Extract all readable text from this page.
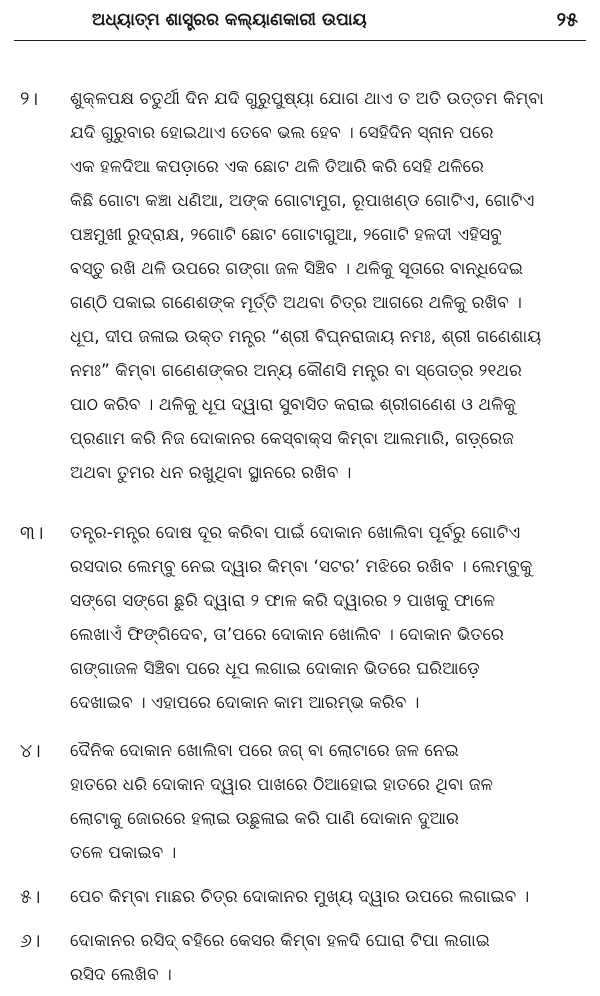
ଅଧ୍ୟାତ୍ମ ଶାସ୍ତ୍ରର କଲ୍ୟାଣକାରୀ ଉପାୟ	୨୫
୨।	ଶୁକ୍ଳପକ୍ଷ ଚତୁର୍ଥୀ ଦିନ ଯଦି ଗୁରୁପୁଷ୍ୟା ଯୋଗ ଥାଏ ତ ଅତି ଉତ୍ତମ କିମ୍ବା
ଯଦି ଗୁରୁବାର ହୋଇଥାଏ ତେବେ ଭଲ ହେବ । ସେହିଦିନ ସ୍ନାନ ପରେ
ଏକ ହଳଦିଆ କପଡ଼ାରେ ଏକ ଛୋଟ ଥଳି ତିଆରି କରି ସେହି ଥଳିରେ
କିଛି ଗୋଟା କଞ୍ଚା ଧଣିଆ, ଅଙ୍କ ଗୋଟାମୁଗ, ରୂପାଖଣ୍ଡ ଗୋଟିଏ, ଗୋଟିଏ
ପଞ୍ଚମୁଖୀ ରୁଦ୍ରାକ୍ଷ, ୨ଗୋଟି ଛୋଟ ଗୋଟାଗୁଆ, ୨ଗୋଟି ହଳଦୀ ଏହିସବୁ
ବସ୍ତୁ ରଖି ଥଳି ଉପରେ ଗଙ୍ଗା ଜଳ ସିଞ୍ଚିବ । ଥଳିକୁ ସୂତାରେ ବାନ୍ଧିଦେଇ
ଗଣ୍ଠି ପକାଇ ଗଣେଶଙ୍କ ମୂର୍ତ୍ତି ଅଥବା ଚିତ୍ର ଆଗରେ ଥଳିକୁ ରଖିବ ।
ଧୂପ, ଦୀପ ଜଳାଇ ଉକ୍ତ ମନ୍ତ୍ର “ଶ୍ରୀ ବିଘ୍ନରାଜାୟ ନମଃ, ଶ୍ରୀ ଗଣେଶାୟ
ନମଃ” କିମ୍ବା ଗଣେଶଙ୍କର ଅନ୍ୟ କୌଣସି ମନ୍ତ୍ର ବା ସ୍ତୋତ୍ର ୨୧ଥର
ପାଠ କରିବ । ଥଳିକୁ ଧୂପ ଦ୍ୱାରା ସୁବାସିତ କରାଇ ଶ୍ରୀଗଣେଶ ଓ ଥଳିକୁ
ପ୍ରଣାମ କରି ନିଜ ଦୋକାନର କେସ୍‌ବାକ୍ସ କିମ୍ବା ଆଲମାରି, ଗଡ଼୍‌ରେଜ
ଅଥବା ତୁମର ଧନ ରଖୁଥିବା ସ୍ଥାନରେ ରଖିବ ।
୩।	ତନ୍ତ୍ର-ମନ୍ତ୍ର ଦୋଷ ଦୂର କରିବା ପାଇଁ ଦୋକାନ ଖୋଲିବା ପୂର୍ବରୁ ଗୋଟିଏ
ରସଦାର ଲେମ୍ବୁ ନେଇ ଦ୍ୱାର କିମ୍ବା ‘ସଟର’ ମଝିରେ ରଖିବ । ଲେମ୍ବୁକୁ
ସଙ୍ଗେ ସଙ୍ଗେ ଛୁରି ଦ୍ୱାରା ୨ ଫାଳ କରି ଦ୍ୱାରର ୨ ପାଖକୁ ଫାଳେ
ଲେଖାଏଁ ଫିଙ୍ଗିଦେବ, ତା’ପରେ ଦୋକାନ ଖୋଲିବ । ଦୋକାନ ଭିତରେ
ଗଙ୍ଗାଜଳ ସିଞ୍ଚିବା ପରେ ଧୂପ ଲଗାଇ ଦୋକାନ ଭିତରେ ଘରିଆଡ଼େ
ଦେଖାଇବ । ଏହାପରେ ଦୋକାନ କାମ ଆରମ୍ଭ କରିବ ।
୪।	ଦୈନିକ ଦୋକାନ ଖୋଲିବା ପରେ ଜଗ୍ ବା ଲୋଟାରେ ଜଳ ନେଇ
ହାତରେ ଧରି ଦୋକାନ ଦ୍ୱାର ପାଖରେ ଠିଆହୋଇ ହାତରେ ଥିବା ଜଳ
ଲୋଟାକୁ ଜୋରରେ ହଲାଇ ଉଛୁଳାଇ କରି ପାଣି ଦୋକାନ ଦୁଆର
ତଳେ ପକାଇବ ।
୫।	ପେଚ କିମ୍ବା ମାଛର ଚିତ୍ର ଦୋକାନର ମୁଖ୍ୟ ଦ୍ୱାର ଉପରେ ଲଗାଇବ ।
୬।	ଦୋକାନର ରସିଦ୍ ବହିରେ କେସର କିମ୍ବା ହଳଦି ଘୋରା ଟିପା ଲଗାଇ
ରସିଦ ଲେଖିବ ।
